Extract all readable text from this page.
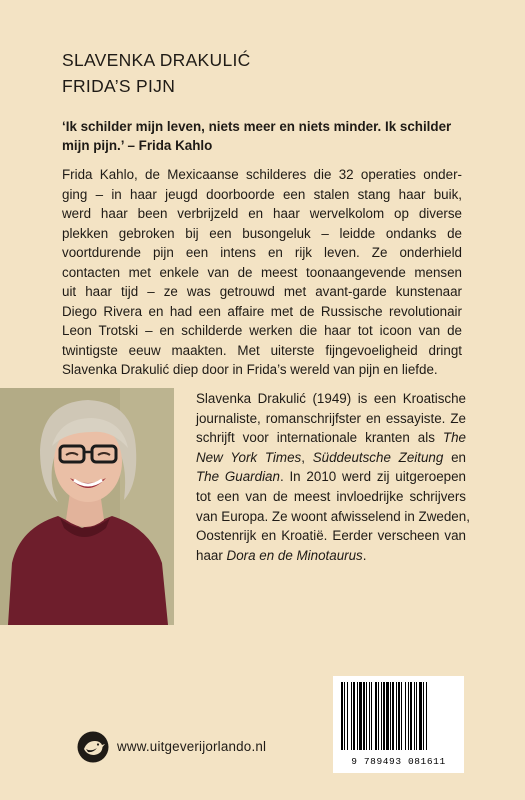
SLAVENKA DRAKULIĆ
FRIDA’S PIJN

‘Ik schilder mijn leven, niets meer en niets minder. Ik schilder
mijn pijn.’ – Frida Kahlo

Frida Kahlo, de Mexicaanse schilderes die 32 operaties onder-
ging – in haar jeugd doorboorde een stalen stang haar buik,
werd haar been verbrijzeld en haar wervelkolom op diverse
plekken gebroken bij een busongeluk – leidde ondanks de
voortdurende pijn een intens en rijk leven. Ze onderhield
contacten met enkele van de meest toonaangevende mensen
uit haar tijd – ze was getrouwd met avant-garde kunstenaar
Diego Rivera en had een affaire met de Russische revolutionair
Leon Trotski – en schilderde werken die haar tot icoon van de
twintigste eeuw maakten. Met uiterste fijngevoeligheid dringt
Slavenka Drakulić diep door in Frida’s wereld van pijn en liefde.

Slavenka Drakulić (1949) is een Kroatische
journaliste, romanschrijfster en essayiste. Ze
schrijft voor internationale kranten als The
New York Times, Süddeutsche Zeitung en
The Guardian. In 2010 werd zij uitgeroepen
tot een van de meest invloedrijke schrijvers
van Europa. Ze woont afwisselend in Zweden,
Oostenrijk en Kroatië. Eerder verscheen van
haar Dora en de Minotaurus.

9 789493 081611
www.uitgeverijorlando.nl
